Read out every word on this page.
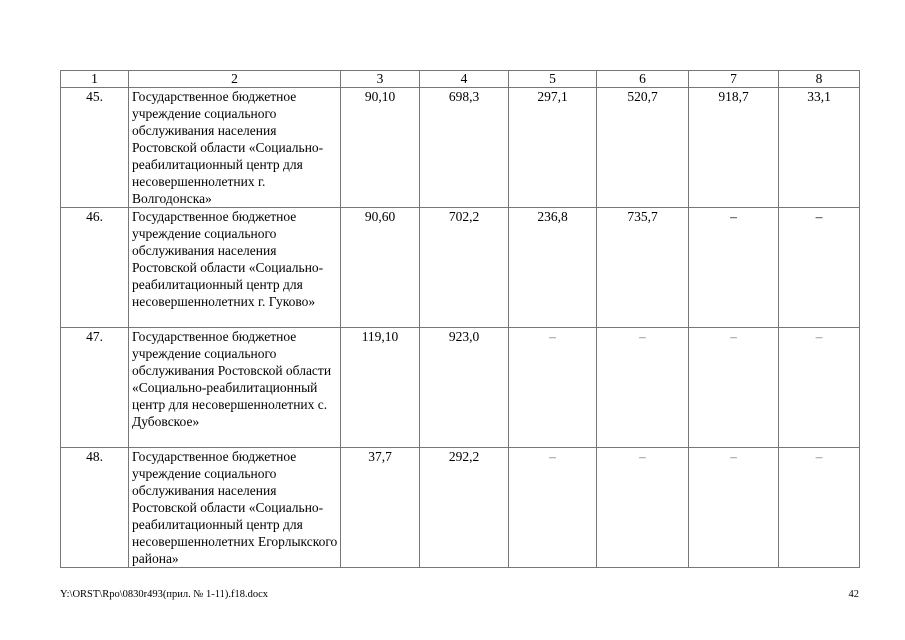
1	2	3	4	5	6	7	8
45.	Государственное бюджетное учреждение социального обслуживания населения Ростовской области «Социально-реабилитационный центр для несовершеннолетних г. Волгодонска»	90,10	698,3	297,1	520,7	918,7	33,1
46.	Государственное бюджетное учреждение социального обслуживания населения Ростовской области «Социально-реабилитационный центр для несовершеннолетних г. Гуково»	90,60	702,2	236,8	735,7	–	–
47.	Государственное бюджетное учреждение социального обслуживания Ростовской области «Социально-реабилитационный центр для несовершеннолетних с. Дубовское»	119,10	923,0	–	–	–	–
48.	Государственное бюджетное учреждение социального обслуживания населения Ростовской области «Социально-реабилитационный центр для несовершеннолетних Егорлыкского района»	37,7	292,2	–	–	–	–
Y:\ORST\Rpo\0830r493(прил. № 1-11).f18.docx	42
